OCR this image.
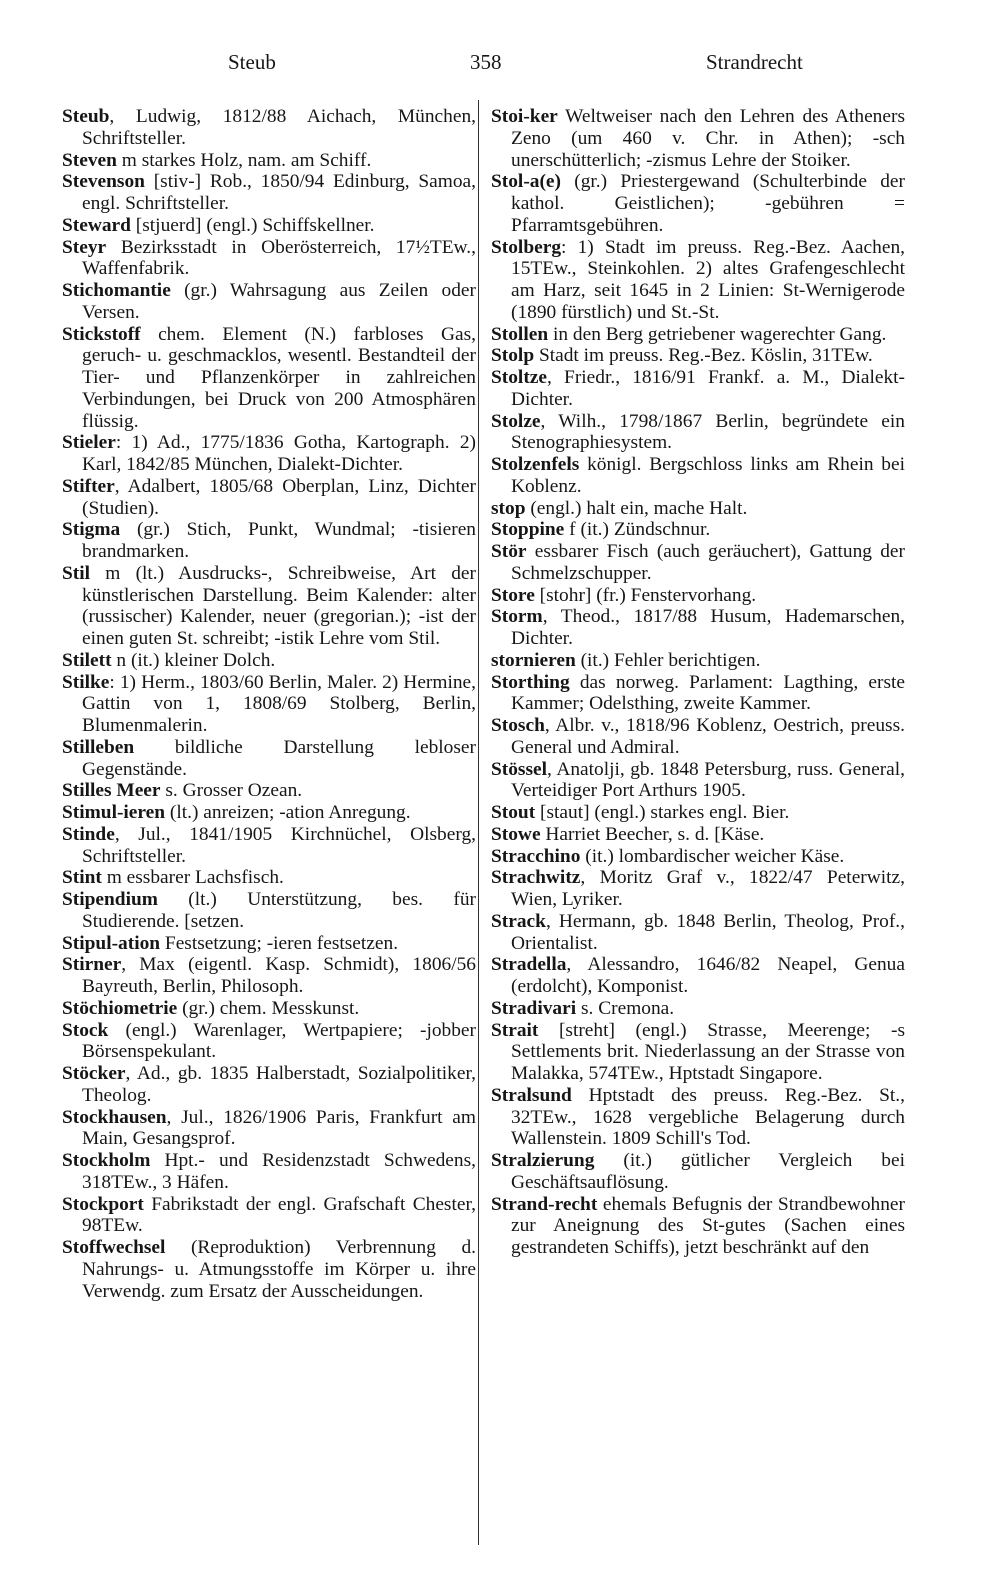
Steub	358	Strandrecht
Steub, Ludwig, 1812/88 Aichach, München, Schriftsteller.
Steven m starkes Holz, nam. am Schiff.
Stevenson [stiv-] Rob., 1850/94 Edinburg, Samoa, engl. Schriftsteller.
Steward [stjuerd] (engl.) Schiffskellner.
Steyr Bezirksstadt in Oberösterreich, 17½TEw., Waffenfabrik.
Stichomantie (gr.) Wahrsagung aus Zeilen oder Versen.
Stickstoff chem. Element (N.) farbloses Gas, geruch- u. geschmacklos, wesentl. Bestandteil der Tier- und Pflanzenkörper in zahlreichen Verbindungen, bei Druck von 200 Atmosphären flüssig.
Stieler: 1) Ad., 1775/1836 Gotha, Kartograph. 2) Karl, 1842/85 München, Dialekt-Dichter.
Stifter, Adalbert, 1805/68 Oberplan, Linz, Dichter (Studien).
Stigma (gr.) Stich, Punkt, Wundmal; -tisieren brandmarken.
Stil m (lt.) Ausdrucks-, Schreibweise, Art der künstlerischen Darstellung. Beim Kalender: alter (russischer) Kalender, neuer (gregorian.); -ist der einen guten St. schreibt; -istik Lehre vom Stil.
Stilett n (it.) kleiner Dolch.
Stilke: 1) Herm., 1803/60 Berlin, Maler. 2) Hermine, Gattin von 1, 1808/69 Stolberg, Berlin, Blumenmalerin.
Stilleben bildliche Darstellung lebloser Gegenstände.
Stilles Meer s. Grosser Ozean.
Stimul-ieren (lt.) anreizen; -ation Anregung.
Stinde, Jul., 1841/1905 Kirchnüchel, Olsberg, Schriftsteller.
Stint m essbarer Lachsfisch.
Stipendium (lt.) Unterstützung, bes. für Studierende. [setzen.
Stipul-ation Festsetzung; -ieren festsetzen.
Stirner, Max (eigentl. Kasp. Schmidt), 1806/56 Bayreuth, Berlin, Philosoph.
Stöchiometrie (gr.) chem. Messkunst.
Stock (engl.) Warenlager, Wertpapiere; -jobber Börsenspekulant.
Stöcker, Ad., gb. 1835 Halberstadt, Sozialpolitiker, Theolog.
Stockhausen, Jul., 1826/1906 Paris, Frankfurt am Main, Gesangsprof.
Stockholm Hpt.- und Residenzstadt Schwedens, 318TEw., 3 Häfen.
Stockport Fabrikstadt der engl. Grafschaft Chester, 98TEw.
Stoffwechsel (Reproduktion) Verbrennung d. Nahrungs- u. Atmungsstoffe im Körper u. ihre Verwendg. zum Ersatz der Ausscheidungen.
Stoi-ker Weltweiser nach den Lehren des Atheners Zeno (um 460 v. Chr. in Athen); -sch unerschütterlich; -zismus Lehre der Stoiker.
Stol-a(e) (gr.) Priestergewand (Schulterbinde der kathol. Geistlichen); -gebühren = Pfarramtsgebühren.
Stolberg: 1) Stadt im preuss. Reg.-Bez. Aachen, 15TEw., Steinkohlen. 2) altes Grafengeschlecht am Harz, seit 1645 in 2 Linien: St-Wernigerode (1890 fürstlich) und St.-St.
Stollen in den Berg getriebener wagerechter Gang.
Stolp Stadt im preuss. Reg.-Bez. Köslin, 31TEw.
Stoltze, Friedr., 1816/91 Frankf. a. M., Dialekt-Dichter.
Stolze, Wilh., 1798/1867 Berlin, begründete ein Stenographiesystem.
Stolzenfels königl. Bergschloss links am Rhein bei Koblenz.
stop (engl.) halt ein, mache Halt.
Stoppine f (it.) Zündschnur.
Stör essbarer Fisch (auch geräuchert), Gattung der Schmelzschupper.
Store [stohr] (fr.) Fenstervorhang.
Storm, Theod., 1817/88 Husum, Hademarschen, Dichter.
stornieren (it.) Fehler berichtigen.
Storthing das norweg. Parlament: Lagthing, erste Kammer; Odelsthing, zweite Kammer.
Stosch, Albr. v., 1818/96 Koblenz, Oestrich, preuss. General und Admiral.
Stössel, Anatolji, gb. 1848 Petersburg, russ. General, Verteidiger Port Arthurs 1905.
Stout [staut] (engl.) starkes engl. Bier.
Stowe Harriet Beecher, s. d. [Käse.
Stracchino (it.) lombardischer weicher Käse.
Strachwitz, Moritz Graf v., 1822/47 Peterwitz, Wien, Lyriker.
Strack, Hermann, gb. 1848 Berlin, Theolog, Prof., Orientalist.
Stradella, Alessandro, 1646/82 Neapel, Genua (erdolcht), Komponist.
Stradivari s. Cremona.
Strait [streht] (engl.) Strasse, Meerenge; -s Settlements brit. Niederlassung an der Strasse von Malakka, 574TEw., Hptstadt Singapore.
Stralsund Hptstadt des preuss. Reg.-Bez. St., 32TEw., 1628 vergebliche Belagerung durch Wallenstein. 1809 Schill's Tod.
Stralzierung (it.) gütlicher Vergleich bei Geschäftsauflösung.
Strand-recht ehemals Befugnis der Strandbewohner zur Aneignung des St-gutes (Sachen eines gestrandeten Schiffs), jetzt beschränkt auf den
